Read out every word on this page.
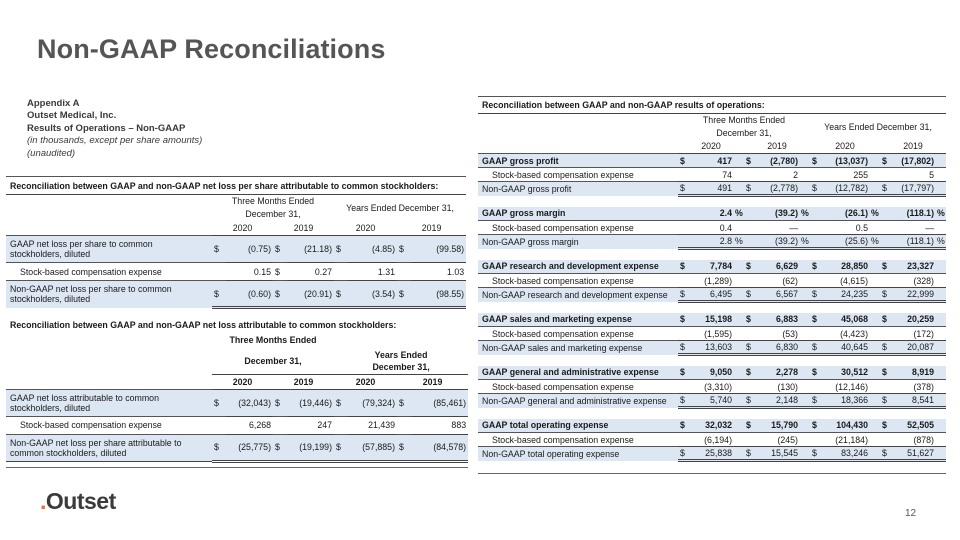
Non-GAAP Reconciliations
Appendix A
Outset Medical, Inc.
Results of Operations – Non-GAAP
(in thousands, except per share amounts)
(unaudited)
Reconciliation between GAAP and non-GAAP net loss per share attributable to common stockholders:								
	Three Months Ended				Years Ended December 31,			
	December 31,							
	2020		2019		2020		2019	
GAAP net loss per share to common
stockholders, diluted	$	(0.75)	$	(21.18)	$	(4.85)	$	(99.58)
Stock-based compensation expense		0.15	$	0.27		1.31		1.03
Non-GAAP net loss per share to common
stockholders, diluted	$	(0.60)	$	(20.91)	$	(3.54)	$	(98.55)
Reconciliation between GAAP and non-GAAP net loss attributable to common stockholders:								
	Three Months Ended							
	December 31,				Years Ended			
					December 31,			
	2020		2019		2020		2019	
GAAP net loss attributable to common
stockholders, diluted	$	(32,043)	$	(19,446)	$	(79,324)	$	(85,461)
Stock-based compensation expense		6,268		247		21,439		883
Non-GAAP net loss per share attributable to
common stockholders, diluted	$	(25,775)	$	(19,199)	$	(57,885)	$	(84,578)

Reconciliation between GAAP and non-GAAP results of operations:												
	Three Months Ended						Years Ended December 31,					
	December 31,											
	2020			2019			2020			2019		
GAAP gross profit	$	417		$	(2,780)		$	(13,037)		$	(17,802)	
Stock-based compensation expense		74			2			255			5	
Non-GAAP gross profit	$	491		$	(2,778)		$	(12,782)		$	(17,797)	

GAAP gross margin		2.4	%		(39.2)	%		(26.1)	%		(118.1)	%
Stock-based compensation expense		0.4			—			0.5			—	
Non-GAAP gross margin		2.8	%		(39.2)	%		(25.6)	%		(118.1)	%

GAAP research and development expense	$	7,784		$	6,629		$	28,850		$	23,327	
Stock-based compensation expense		(1,289)			(62)			(4,615)			(328)	
Non-GAAP research and development expense	$	6,495		$	6,567		$	24,235		$	22,999	

GAAP sales and marketing expense	$	15,198		$	6,883		$	45,068		$	20,259	
Stock-based compensation expense		(1,595)			(53)			(4,423)			(172)	
Non-GAAP sales and marketing expense	$	13,603		$	6,830		$	40,645		$	20,087	

GAAP general and administrative expense	$	9,050		$	2,278		$	30,512		$	8,919	
Stock-based compensation expense		(3,310)			(130)			(12,146)			(378)	
Non-GAAP general and administrative expense	$	5,740		$	2,148		$	18,366		$	8,541	

GAAP total operating expense	$	32,032		$	15,790		$	104,430		$	52,505	
Stock-based compensation expense		(6,194)			(245)			(21,184)			(878)	
Non-GAAP total operating expense	$	25,838		$	15,545		$	83,246		$	51,627	

.Outset	12
